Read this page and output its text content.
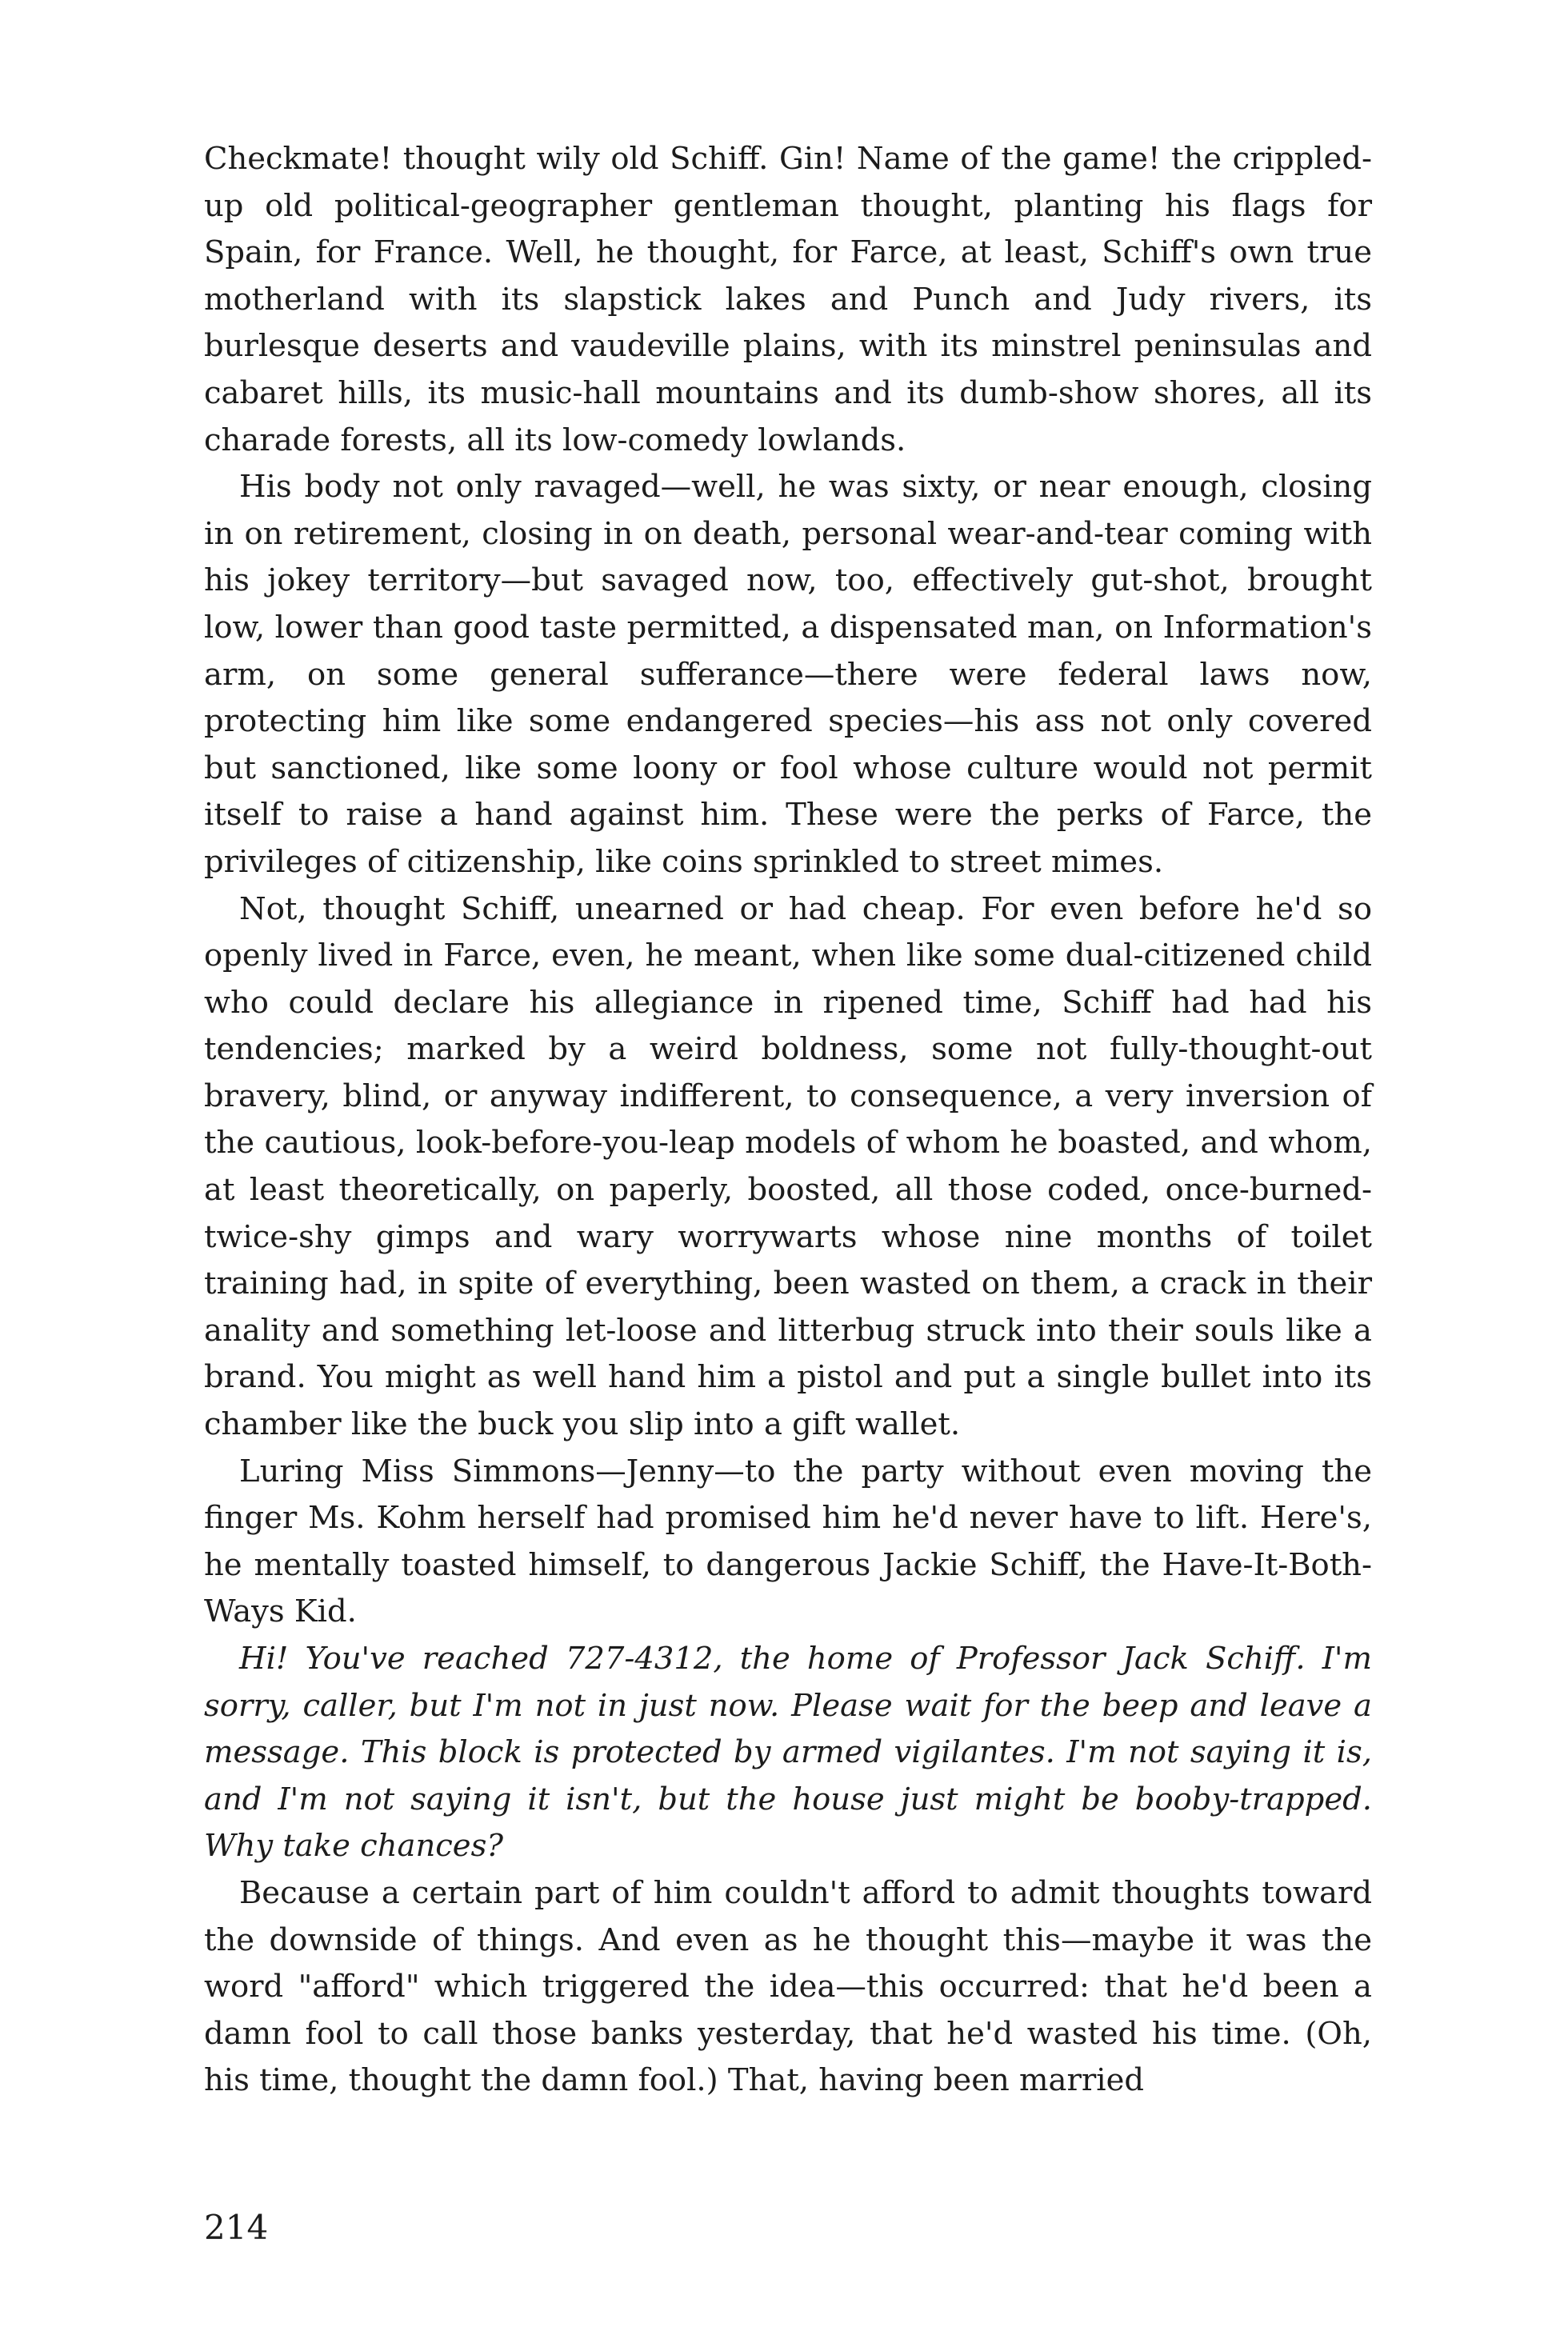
Checkmate! thought wily old Schiff. Gin! Name of the game! the crippled-up old political-geographer gentleman thought, planting his flags for Spain, for France. Well, he thought, for Farce, at least, Schiff's own true motherland with its slapstick lakes and Punch and Judy rivers, its burlesque deserts and vaudeville plains, with its minstrel peninsulas and cabaret hills, its music-hall mountains and its dumb-show shores, all its charade forests, all its low-comedy lowlands.

His body not only ravaged—well, he was sixty, or near enough, closing in on retirement, closing in on death, personal wear-and-tear coming with his jokey territory—but savaged now, too, effectively gut-shot, brought low, lower than good taste permitted, a dispensated man, on Information's arm, on some general sufferance—there were federal laws now, protecting him like some endangered species—his ass not only covered but sanctioned, like some loony or fool whose culture would not permit itself to raise a hand against him. These were the perks of Farce, the privileges of citizenship, like coins sprinkled to street mimes.

Not, thought Schiff, unearned or had cheap. For even before he'd so openly lived in Farce, even, he meant, when like some dual-citizened child who could declare his allegiance in ripened time, Schiff had had his tendencies; marked by a weird boldness, some not fully-thought-out bravery, blind, or anyway indifferent, to consequence, a very inversion of the cautious, look-before-you-leap models of whom he boasted, and whom, at least theoretically, on paperly, boosted, all those coded, once-burned-twice-shy gimps and wary worrywarts whose nine months of toilet training had, in spite of everything, been wasted on them, a crack in their anality and something let-loose and litterbug struck into their souls like a brand. You might as well hand him a pistol and put a single bullet into its chamber like the buck you slip into a gift wallet.

Luring Miss Simmons—Jenny—to the party without even moving the finger Ms. Kohm herself had promised him he'd never have to lift. Here's, he mentally toasted himself, to dangerous Jackie Schiff, the Have-It-Both-Ways Kid.

Hi! You've reached 727-4312, the home of Professor Jack Schiff. I'm sorry, caller, but I'm not in just now. Please wait for the beep and leave a message. This block is protected by armed vigilantes. I'm not saying it is, and I'm not saying it isn't, but the house just might be booby-trapped. Why take chances?

Because a certain part of him couldn't afford to admit thoughts toward the downside of things. And even as he thought this—maybe it was the word "afford" which triggered the idea—this occurred: that he'd been a damn fool to call those banks yesterday, that he'd wasted his time. (Oh, his time, thought the damn fool.) That, having been married

214
